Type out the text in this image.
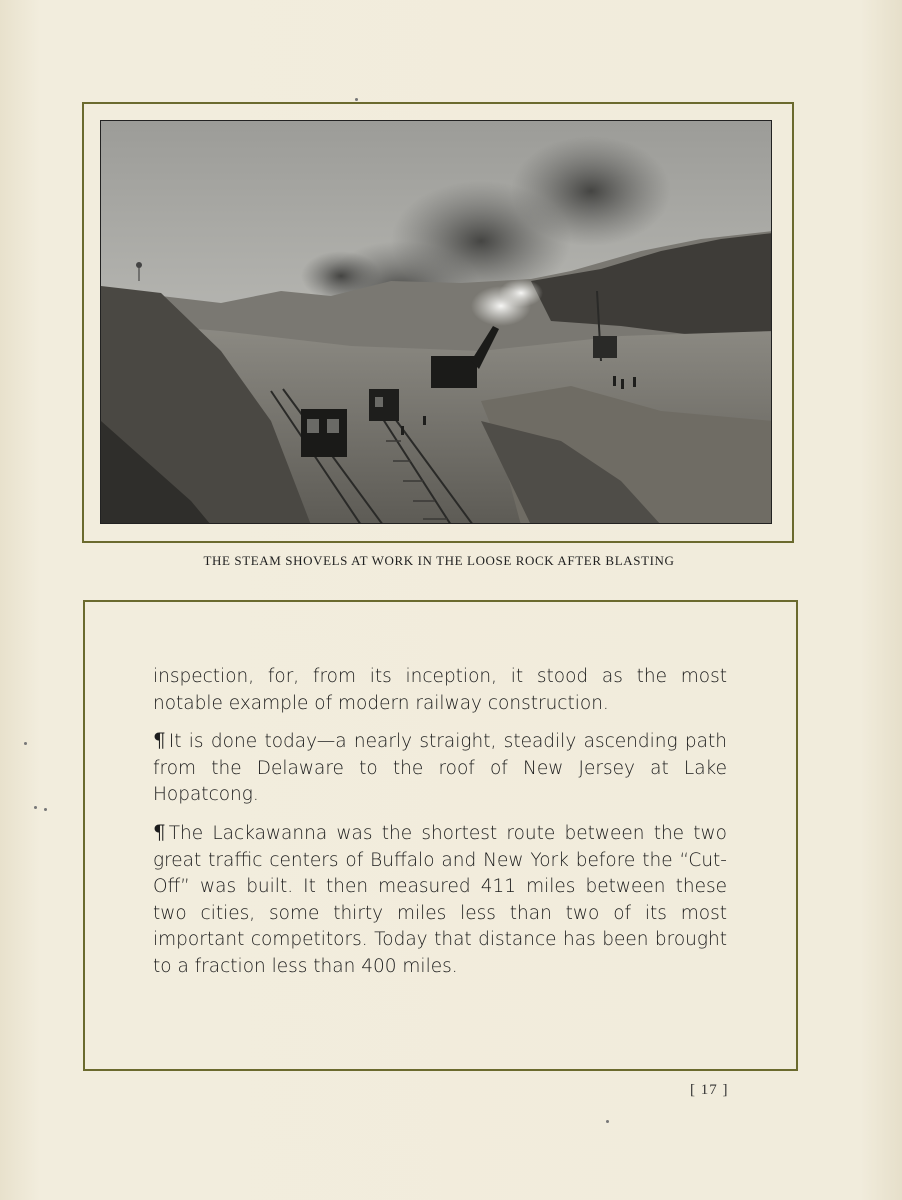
THE STEAM SHOVELS AT WORK IN THE LOOSE ROCK AFTER BLASTING

inspection, for, from its inception, it stood as the most notable example of modern railway construction.

¶ It is done today—a nearly straight, steadily ascending path from the Delaware to the roof of New Jersey at Lake Hopatcong.

¶ The Lackawanna was the shortest route between the two great traffic centers of Buffalo and New York before the “Cut-Off” was built. It then measured 411 miles between these two cities, some thirty miles less than two of its most important competitors. Today that distance has been brought to a fraction less than 400 miles.

[ 17 ]
